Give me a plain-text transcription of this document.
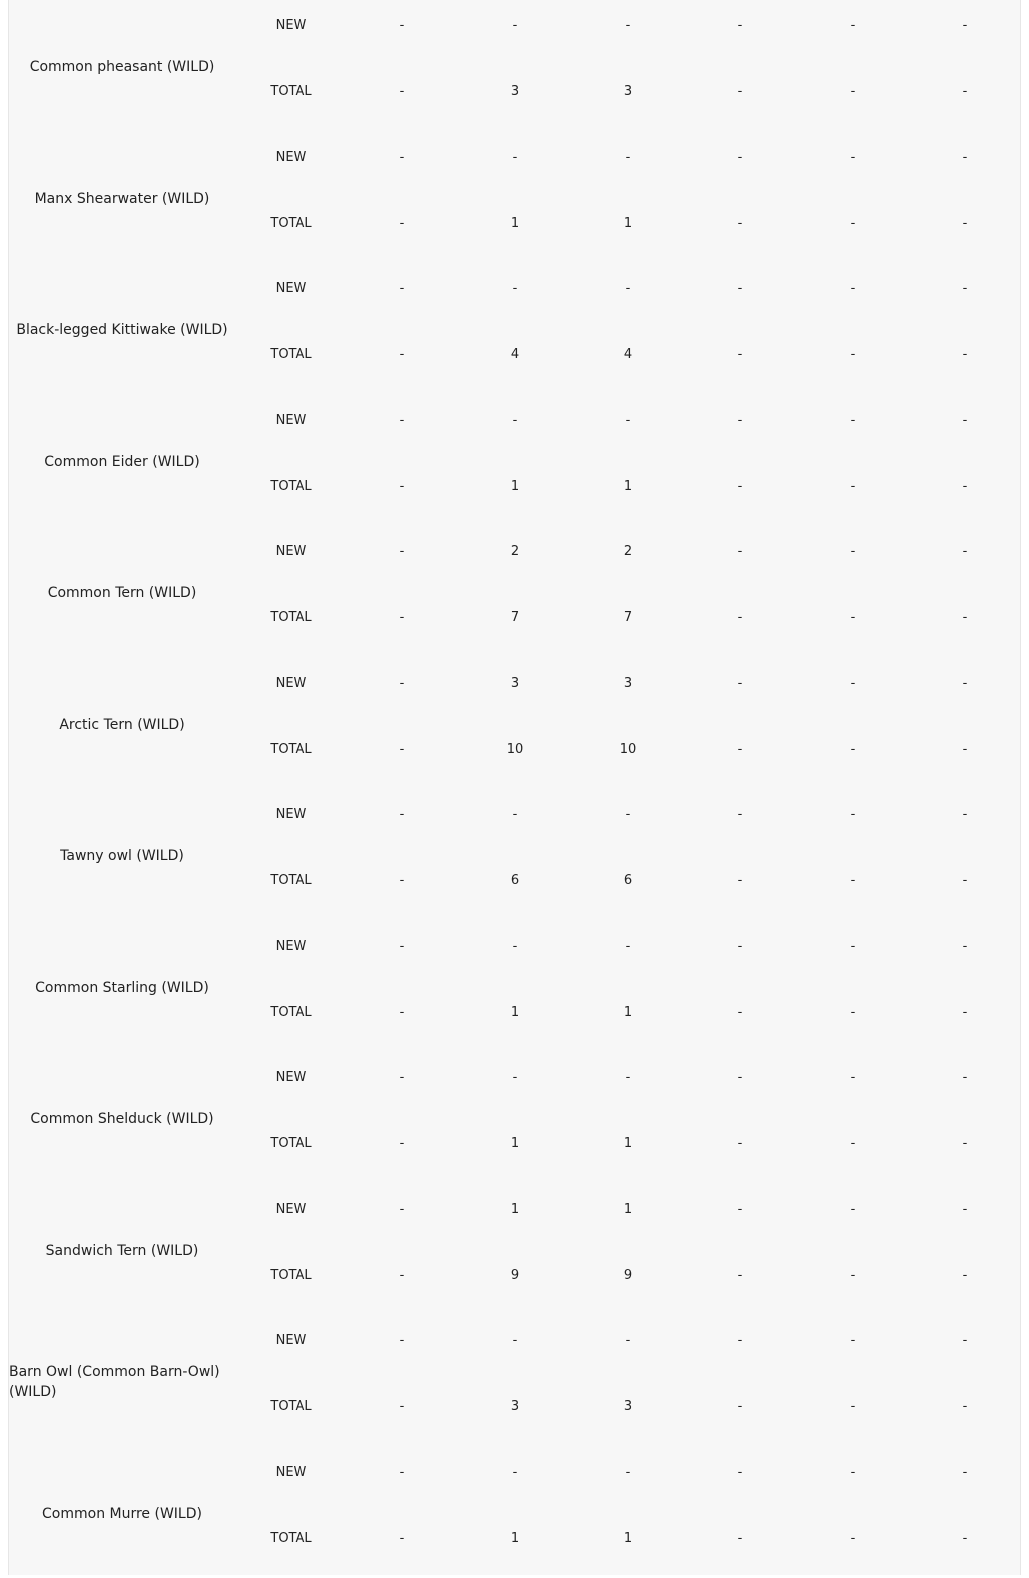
Common pheasant (WILD)
NEW	-	-	-	-	-	-
TOTAL	-	3	3	-	-	-
Manx Shearwater (WILD)
NEW	-	-	-	-	-	-
TOTAL	-	1	1	-	-	-
Black-legged Kittiwake (WILD)
NEW	-	-	-	-	-	-
TOTAL	-	4	4	-	-	-
Common Eider (WILD)
NEW	-	-	-	-	-	-
TOTAL	-	1	1	-	-	-
Common Tern (WILD)
NEW	-	2	2	-	-	-
TOTAL	-	7	7	-	-	-
Arctic Tern (WILD)
NEW	-	3	3	-	-	-
TOTAL	-	10	10	-	-	-
Tawny owl (WILD)
NEW	-	-	-	-	-	-
TOTAL	-	6	6	-	-	-
Common Starling (WILD)
NEW	-	-	-	-	-	-
TOTAL	-	1	1	-	-	-
Common Shelduck (WILD)
NEW	-	-	-	-	-	-
TOTAL	-	1	1	-	-	-
Sandwich Tern (WILD)
NEW	-	1	1	-	-	-
TOTAL	-	9	9	-	-	-
Barn Owl (Common Barn-Owl) (WILD)
NEW	-	-	-	-	-	-
TOTAL	-	3	3	-	-	-
Common Murre (WILD)
NEW	-	-	-	-	-	-
TOTAL	-	1	1	-	-	-
